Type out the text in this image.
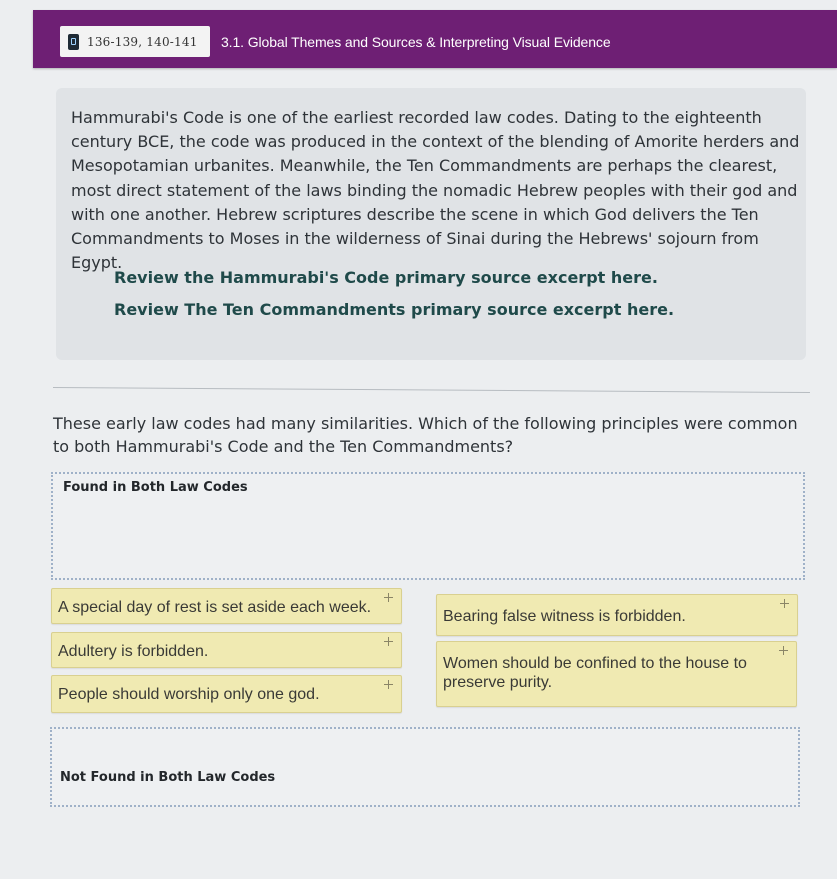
136-139, 140-141 3.1. Global Themes and Sources & Interpreting Visual Evidence
Hammurabi's Code is one of the earliest recorded law codes. Dating to the eighteenth century BCE, the code was produced in the context of the blending of Amorite herders and Mesopotamian urbanites. Meanwhile, the Ten Commandments are perhaps the clearest, most direct statement of the laws binding the nomadic Hebrew peoples with their god and with one another. Hebrew scriptures describe the scene in which God delivers the Ten Commandments to Moses in the wilderness of Sinai during the Hebrews' sojourn from Egypt.
Review the Hammurabi's Code primary source excerpt here.
Review The Ten Commandments primary source excerpt here.
These early law codes had many similarities. Which of the following principles were common to both Hammurabi's Code and the Ten Commandments?
Found in Both Law Codes
A special day of rest is set aside each week.
Adultery is forbidden.
People should worship only one god.
Bearing false witness is forbidden.
Women should be confined to the house to preserve purity.
Not Found in Both Law Codes
